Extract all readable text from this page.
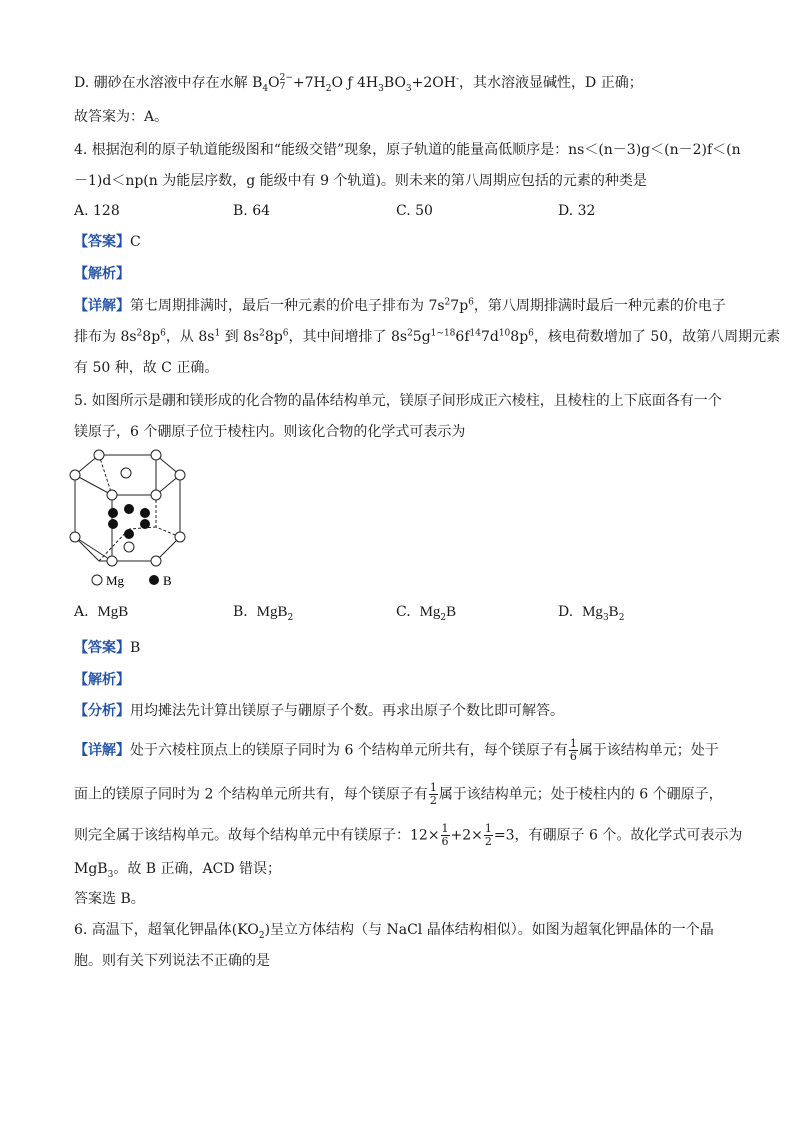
D. 硼砂在水溶液中存在水解 $B_4O$ 2−
$7 +7H_2O$ ƒ $4H_3BO_3+2OH^-$，其水溶液显碱性，D 正确；
故答案为：A。
4. 根据泡利的原子轨道能级图和“能级交错”现象，原子轨道的能量高低顺序是：ns＜(n－3)g＜(n－2)f＜(n
－1)d＜np(n 为能层序数，g 能级中有 9 个轨道)。则未来的第八周期应包括的元素的种类是
A. 128	B. 64	C. 50	D. 32
【答案】C
【解析】
【详解】第七周期排满时，最后一种元素的价电子排布为 $7s^27p^6$，第八周期排满时最后一种元素的价电子
排布为 $8s^28p^6$，从 $8s^1$ 到 $8s^28p^6$，其中间增排了 $8s^25g^{1\sim 18}6f^{14}7d^{10}8p^6$，核电荷数增加了 50，故第八周期元素
有 50 种，故 C 正确。
5. 如图所示是硼和镁形成的化合物的晶体结构单元，镁原子间形成正六棱柱，且棱柱的上下底面各有一个
镁原子，6 个硼原子位于棱柱内。则该化合物的化学式可表示为
Mg	B
A. MgB	B. MgB$_2$	C. $Mg_2B$	D. $Mg_3B_2$
【答案】B
【解析】
【分析】用均摊法先计算出镁原子与硼原子个数。再求出原子个数比即可解答。
【详解】处于六棱柱顶点上的镁原子同时为 6 个结构单元所共有，每个镁原子有 $\frac{1}{6}$ 属于该结构单元；处于
面上的镁原子同时为 2 个结构单元所共有，每个镁原子有 $\frac{1}{2}$ 属于该结构单元；处于棱柱内的 6 个硼原子，
则完全属于该结构单元。故每个结构单元中有镁原子：$12\times \frac{1}{6} +2\times \frac{1}{2} =3$，有硼原子 6 个。故化学式可表示为
MgB$_3$。故 B 正确，ACD 错误；
答案选 B。
6. 高温下，超氧化钾晶体$(KO_2)$呈立方体结构（与 NaCl 晶体结构相似）。如图为超氧化钾晶体的一个晶
胞。则有关下列说法不正确的是
